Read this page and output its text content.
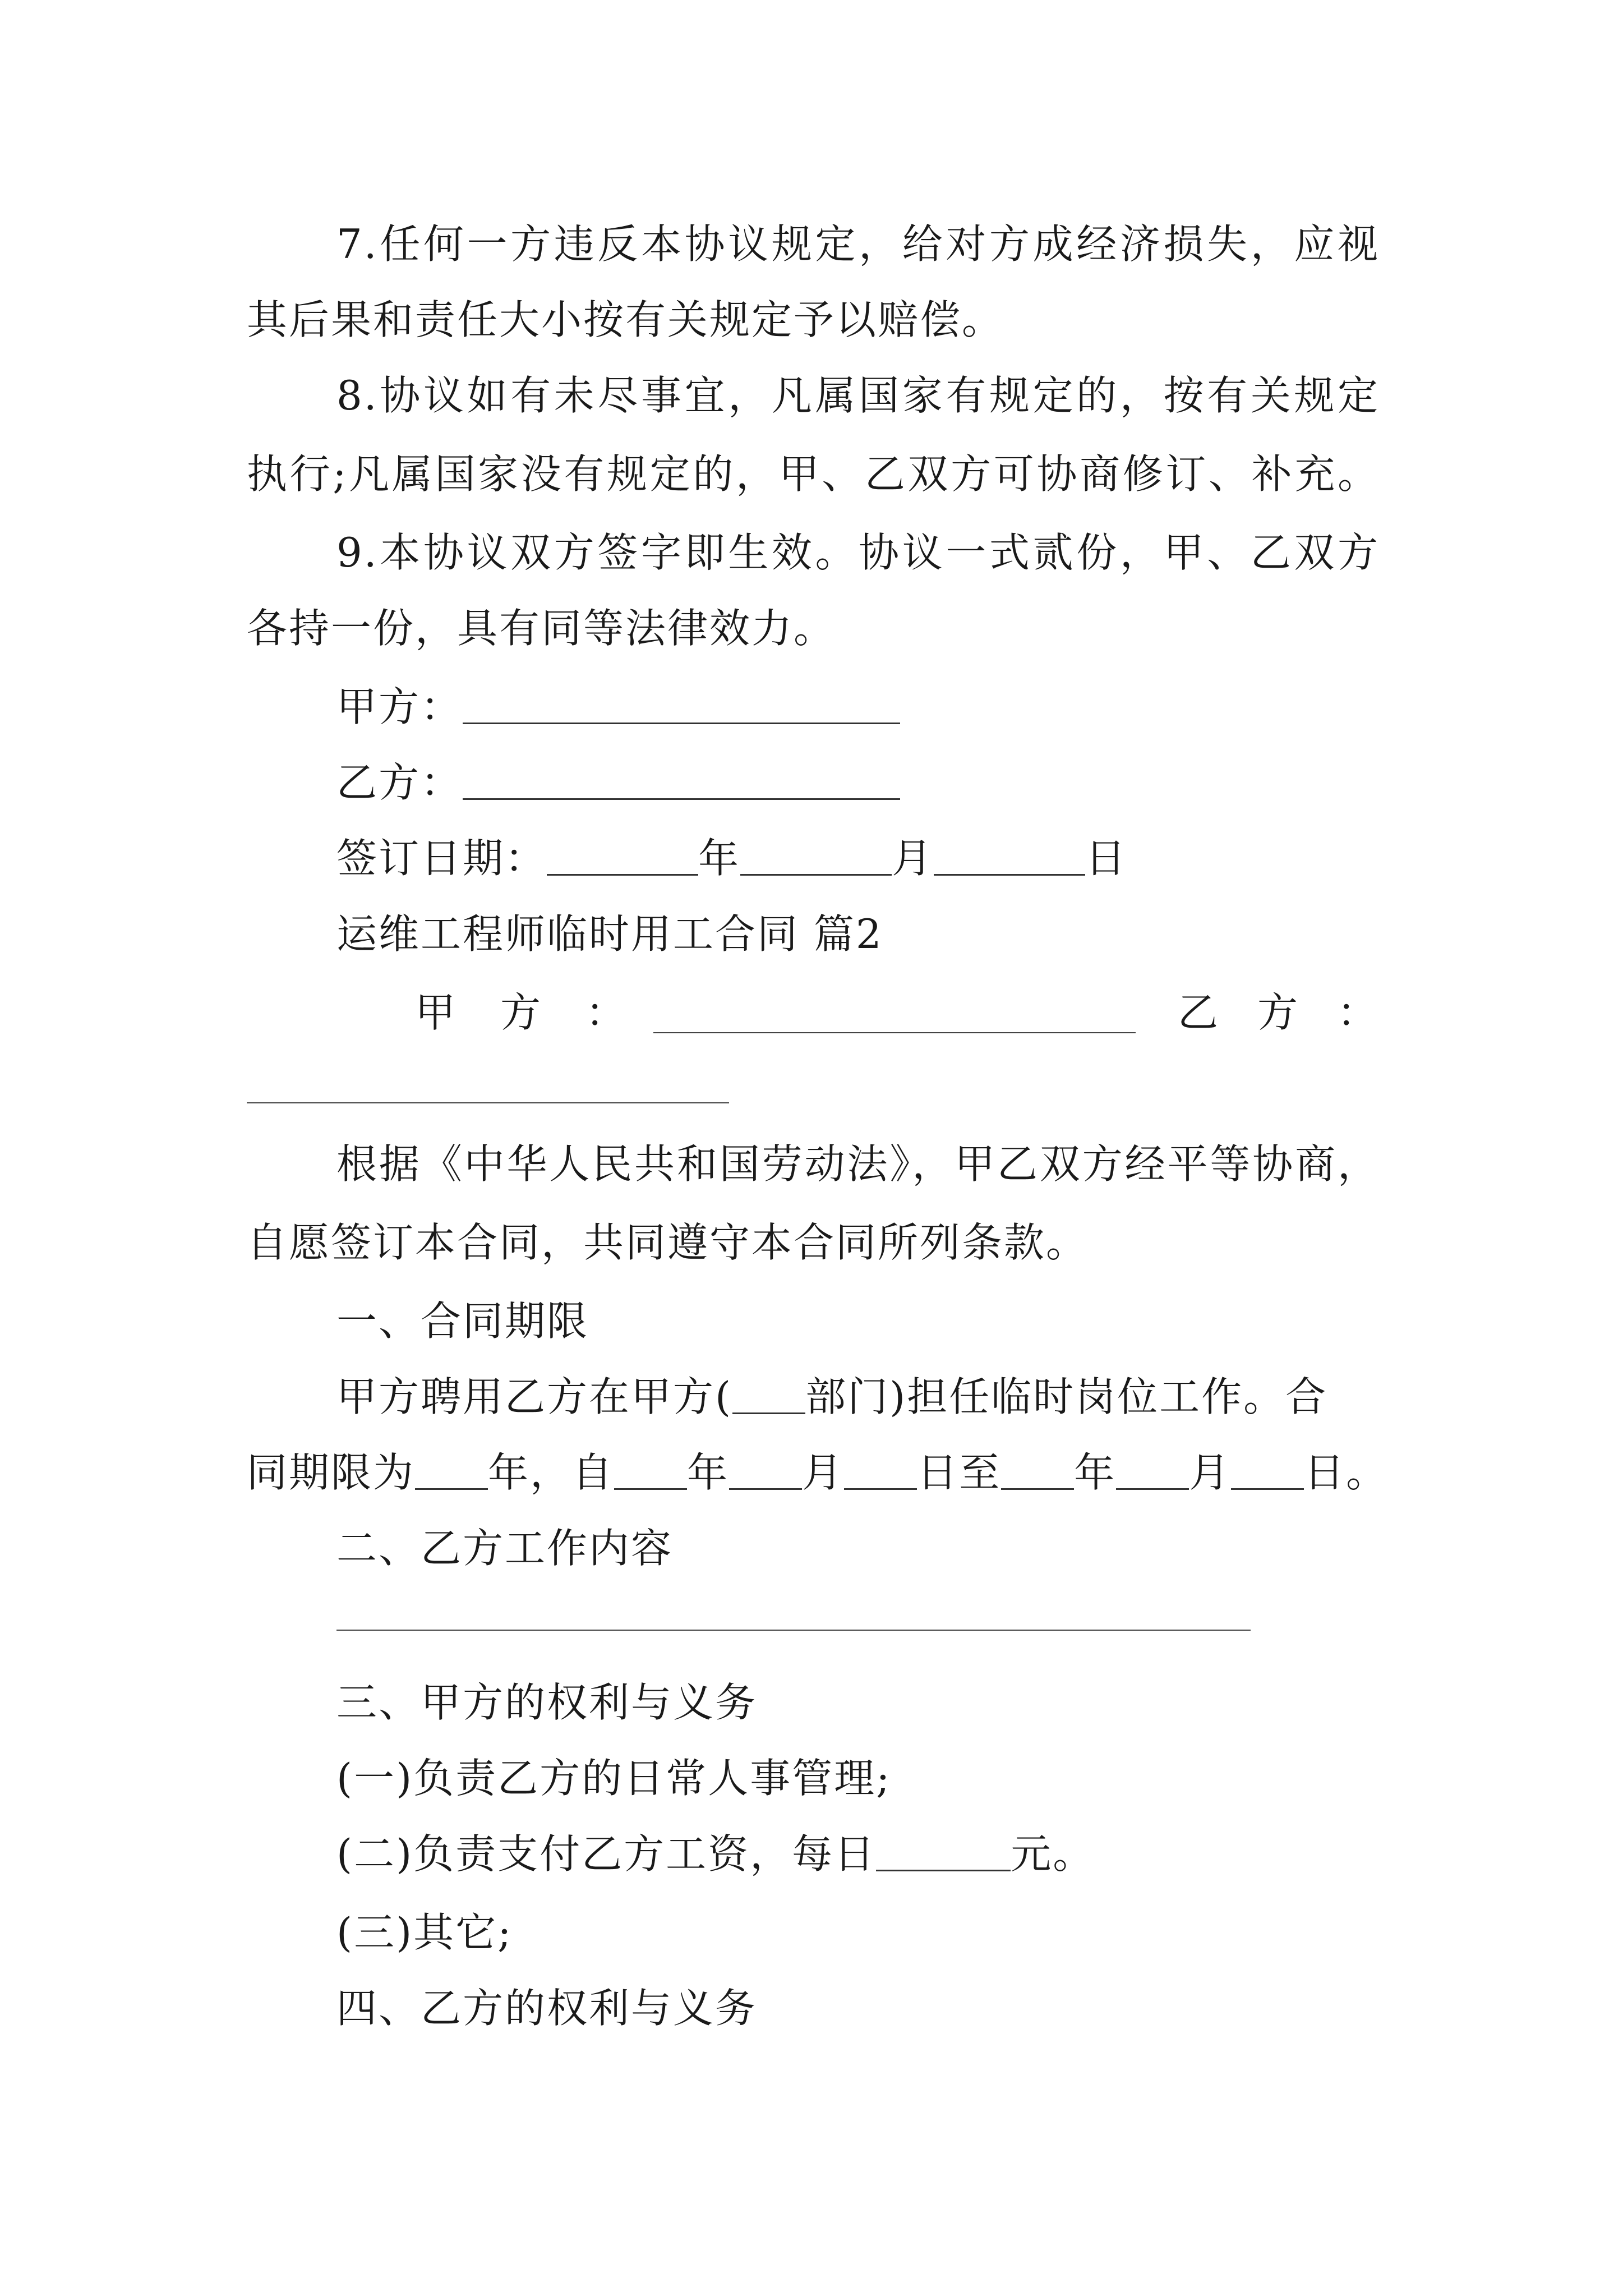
7.任何一方违反本协议规定，给对方成经济损失，应视
其后果和责任大小按有关规定予以赔偿。
8.协议如有未尽事宜，凡属国家有规定的，按有关规定
执行;凡属国家没有规定的，甲、乙双方可协商修订、补充。
9.本协议双方签字即生效。协议一式贰份，甲、乙双方
各持一份，具有同等法律效力。
甲方：
乙方：
签订日期：	年	月	日
运维工程师临时用工合同 篇2
甲方：	乙方：
根据《中华人民共和国劳动法》，甲乙双方经平等协商，
自愿签订本合同，共同遵守本合同所列条款。
一、合同期限
甲方聘用乙方在甲方( 部门)担任临时岗位工作。合
同期限为 年，自 年 月 日至 年 月 日。
二、乙方工作内容
三、甲方的权利与义务
(一)负责乙方的日常人事管理;
(二)负责支付乙方工资，每日	元。
(三)其它;
四、乙方的权利与义务
